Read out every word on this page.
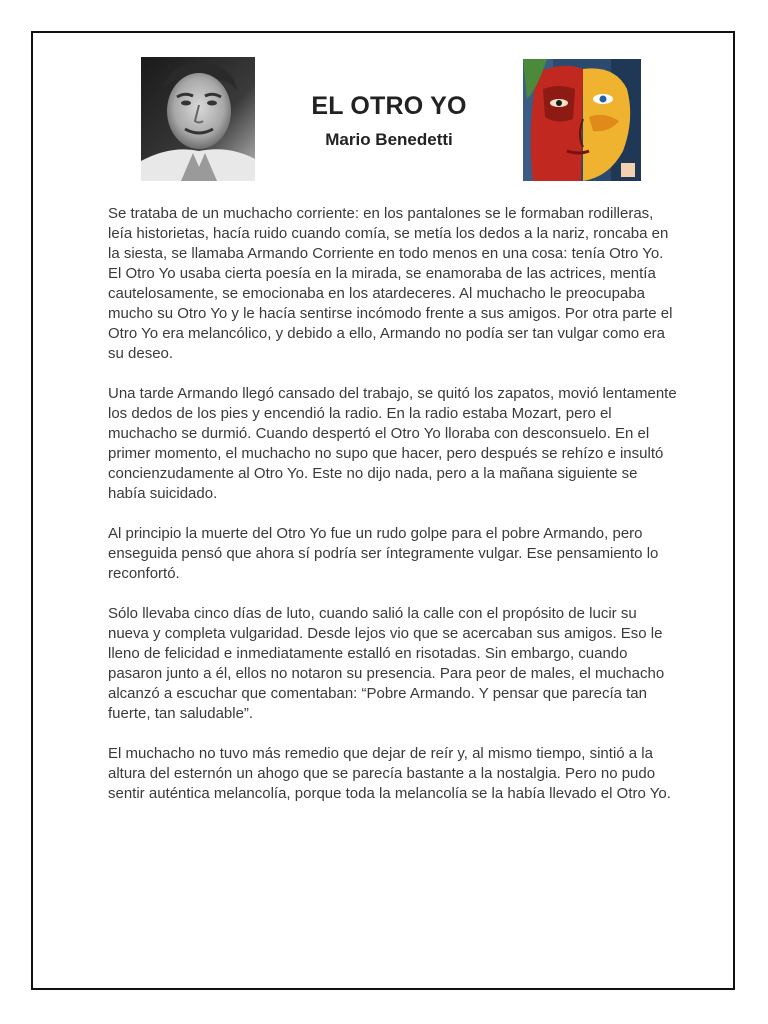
EL OTRO YO
Mario Benedetti

Se trataba de un muchacho corriente: en los pantalones se le formaban rodilleras, leía historietas, hacía ruido cuando comía, se metía los dedos a la nariz, roncaba en la siesta, se llamaba Armando Corriente en todo menos en una cosa: tenía Otro Yo.

El Otro Yo usaba cierta poesía en la mirada, se enamoraba de las actrices, mentía cautelosamente, se emocionaba en los atardeceres. Al muchacho le preocupaba mucho su Otro Yo y le hacía sentirse incómodo frente a sus amigos. Por otra parte el Otro Yo era melancólico, y debido a ello, Armando no podía ser tan vulgar como era su deseo.

Una tarde Armando llegó cansado del trabajo, se quitó los zapatos, movió lentamente los dedos de los pies y encendió la radio. En la radio estaba Mozart, pero el muchacho se durmió. Cuando despertó el Otro Yo lloraba con desconsuelo. En el primer momento, el muchacho no supo que hacer, pero después se rehízo e insultó concienzudamente al Otro Yo. Este no dijo nada, pero a la mañana siguiente se había suicidado.

Al principio la muerte del Otro Yo fue un rudo golpe para el pobre Armando, pero enseguida pensó que ahora sí podría ser íntegramente vulgar. Ese pensamiento lo reconfortó.

Sólo llevaba cinco días de luto, cuando salió la calle con el propósito de lucir su nueva y completa vulgaridad. Desde lejos vio que se acercaban sus amigos. Eso le lleno de felicidad e inmediatamente estalló en risotadas. Sin embargo, cuando pasaron junto a él, ellos no notaron su presencia. Para peor de males, el muchacho alcanzó a escuchar que comentaban: “Pobre Armando. Y pensar que parecía tan fuerte, tan saludable”.

El muchacho no tuvo más remedio que dejar de reír y, al mismo tiempo, sintió a la altura del esternón un ahogo que se parecía bastante a la nostalgia. Pero no pudo sentir auténtica melancolía, porque toda la melancolía se la había llevado el Otro Yo.
